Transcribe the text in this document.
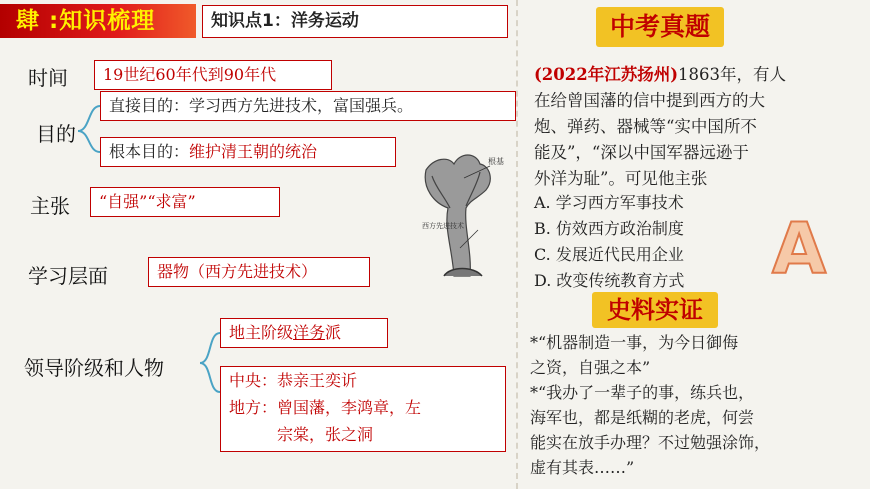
肆 :知识梳理	知识点1：洋务运动
时间	19世纪60年代到90年代
目的
直接目的：学习西方先进技术，富国强兵。
根本目的：维护清王朝的统治
主张	“自强”“求富”
学习层面	器物（西方先进技术）
根基
西方先进技术
领导阶级和人物
地主阶级洋务派
中央：恭亲王奕䜣
地方：曾国藩，李鸿章，左
宗棠，张之洞
中考真题

(2022年江苏扬州)1863年，有人

在给曾国藩的信中提到西方的大

炮、弹药、器械等“实中国所不

能及”，“深以中国军器远逊于

外洋为耻”。可见他主张

A. 学习西方军事技术

B. 仿效西方政治制度

C. 发展近代民用企业

D. 改变传统教育方式	A
史料实证

*“机器制造一事，为今日御侮

之资，自强之本”

*“我办了一辈子的事，练兵也，

海军也，都是纸糊的老虎，何尝

能实在放手办理？不过勉强涂饰，

虚有其表……”
